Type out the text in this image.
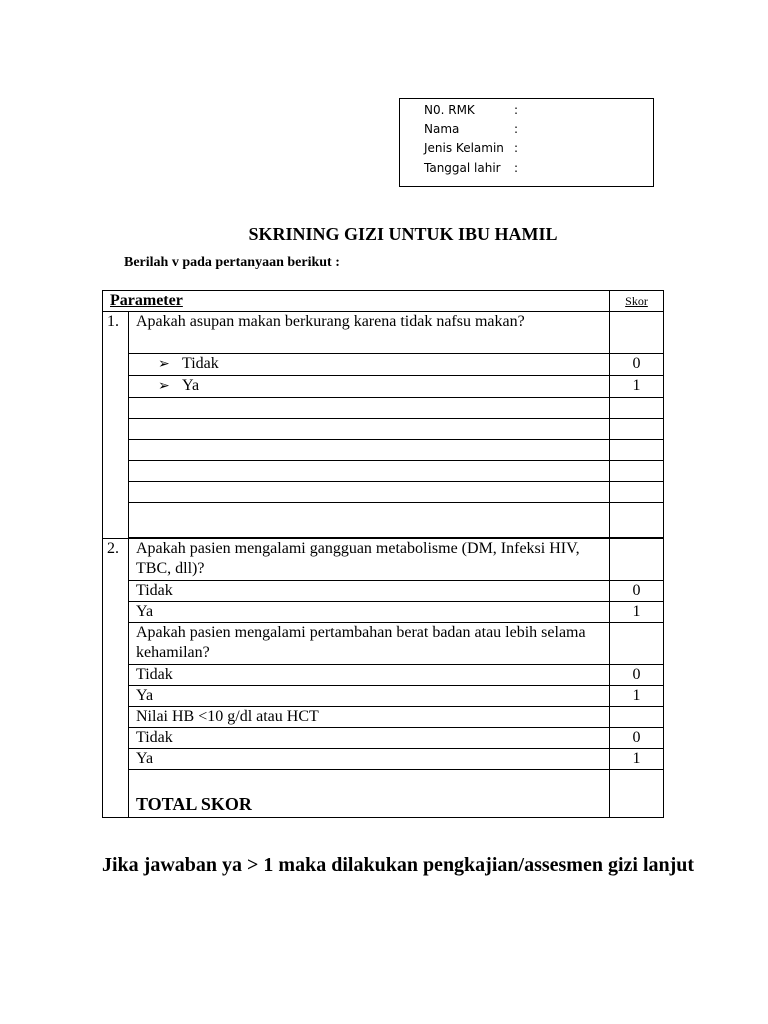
N0. RMK	:
Nama	:
Jenis Kelamin :
Tanggal lahir :
SKRINING GIZI UNTUK IBU HAMIL
Berilah v pada pertanyaan berikut :
Parameter		Skor
1.	Apakah asupan makan berkurang karena tidak nafsu makan?	
	➢ Tidak	0
	➢ Ya	1

2.	Apakah pasien mengalami gangguan metabolisme (DM, Infeksi HIV, TBC, dll)?	
	Tidak	0
	Ya	1
	Apakah pasien mengalami pertambahan berat badan atau lebih selama kehamilan?	
	Tidak	0
	Ya	1
	Nilai HB <10 g/dl atau HCT	
	Tidak	0
	Ya	1
	TOTAL SKOR	
Jika jawaban ya > 1 maka dilakukan pengkajian/assesmen gizi lanjut
